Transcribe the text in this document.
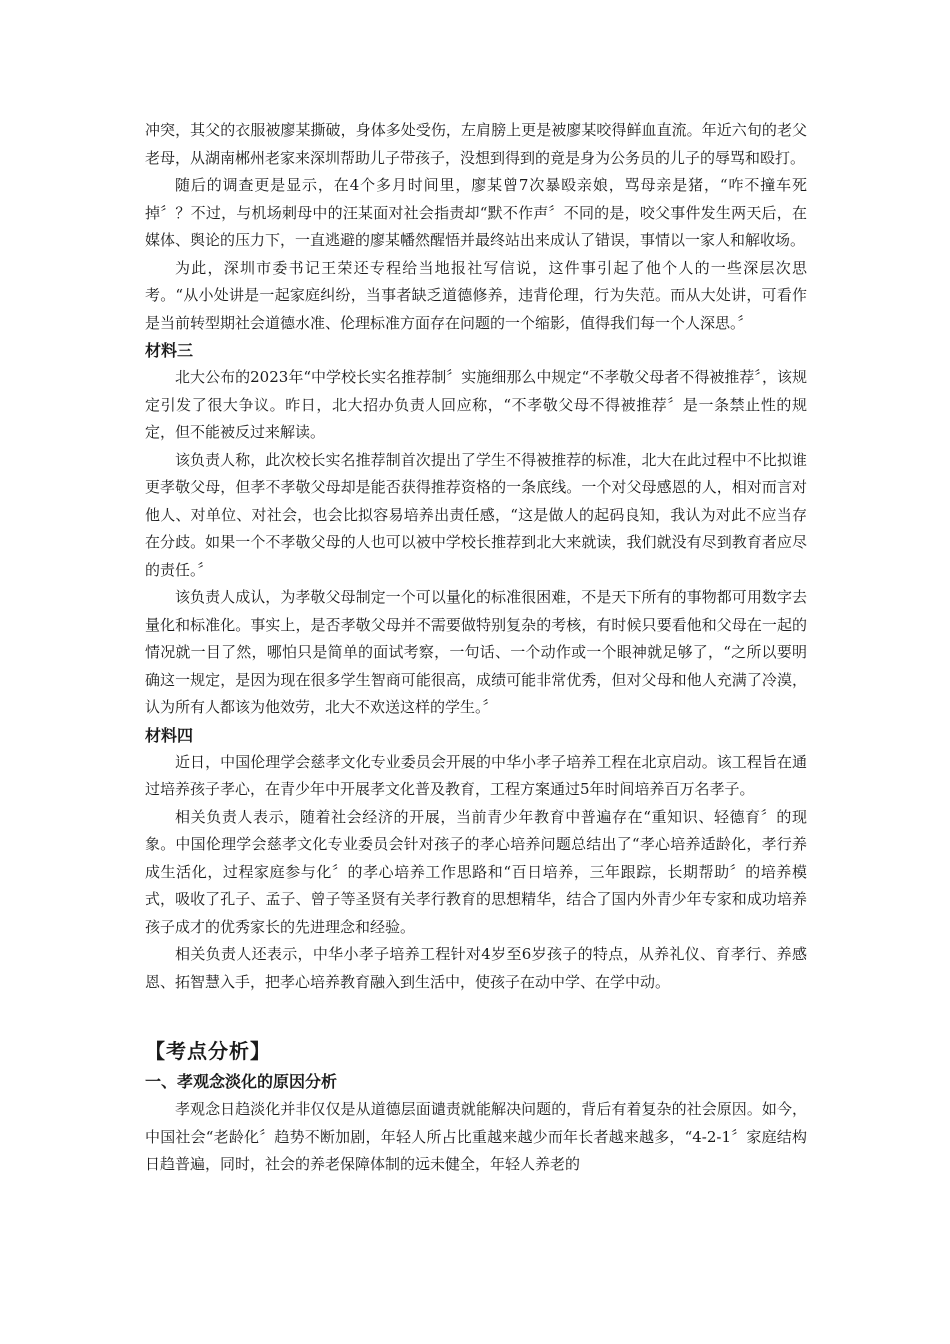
冲突，其父的衣服被廖某撕破，身体多处受伤，左肩膀上更是被廖某咬得鲜血直流。年近六旬的老父老母，从湖南郴州老家来深圳帮助儿子带孩子，没想到得到的竟是身为公务员的儿子的辱骂和殴打。

随后的调查更是显示，在4个多月时间里，廖某曾7次暴殴亲娘，骂母亲是猪，“咋不撞车死掉〞？不过，与机场刺母中的汪某面对社会指责却“默不作声〞不同的是，咬父事件发生两天后，在媒体、舆论的压力下，一直逃避的廖某幡然醒悟并最终站出来成认了错误，事情以一家人和解收场。

为此，深圳市委书记王荣还专程给当地报社写信说，这件事引起了他个人的一些深层次思考。“从小处讲是一起家庭纠纷，当事者缺乏道德修养，违背伦理，行为失范。而从大处讲，可看作是当前转型期社会道德水准、伦理标准方面存在问题的一个缩影，值得我们每一个人深思。〞

材料三

北大公布的2023年“中学校长实名推荐制〞实施细那么中规定“不孝敬父母者不得被推荐〞，该规定引发了很大争议。昨日，北大招办负责人回应称，“不孝敬父母不得被推荐〞是一条禁止性的规定，但不能被反过来解读。

该负责人称，此次校长实名推荐制首次提出了学生不得被推荐的标准，北大在此过程中不比拟谁更孝敬父母，但孝不孝敬父母却是能否获得推荐资格的一条底线。一个对父母感恩的人，相对而言对他人、对单位、对社会，也会比拟容易培养出责任感，“这是做人的起码良知，我认为对此不应当存在分歧。如果一个不孝敬父母的人也可以被中学校长推荐到北大来就读，我们就没有尽到教育者应尽的责任。〞

该负责人成认，为孝敬父母制定一个可以量化的标准很困难，不是天下所有的事物都可用数字去量化和标准化。事实上，是否孝敬父母并不需要做特别复杂的考核，有时候只要看他和父母在一起的情况就一目了然，哪怕只是简单的面试考察，一句话、一个动作或一个眼神就足够了，“之所以要明确这一规定，是因为现在很多学生智商可能很高，成绩可能非常优秀，但对父母和他人充满了冷漠，认为所有人都该为他效劳，北大不欢送这样的学生。〞

材料四

近日，中国伦理学会慈孝文化专业委员会开展的中华小孝子培养工程在北京启动。该工程旨在通过培养孩子孝心，在青少年中开展孝文化普及教育，工程方案通过5年时间培养百万名孝子。

相关负责人表示，随着社会经济的开展，当前青少年教育中普遍存在“重知识、轻德育〞的现象。中国伦理学会慈孝文化专业委员会针对孩子的孝心培养问题总结出了“孝心培养适龄化，孝行养成生活化，过程家庭参与化〞的孝心培养工作思路和“百日培养，三年跟踪，长期帮助〞的培养模式，吸收了孔子、孟子、曾子等圣贤有关孝行教育的思想精华，结合了国内外青少年专家和成功培养孩子成才的优秀家长的先进理念和经验。

相关负责人还表示，中华小孝子培养工程针对4岁至6岁孩子的特点，从养礼仪、育孝行、养感恩、拓智慧入手，把孝心培养教育融入到生活中，使孩子在动中学、在学中动。

【考点分析】
一、孝观念淡化的原因分析

孝观念日趋淡化并非仅仅是从道德层面谴责就能解决问题的，背后有着复杂的社会原因。如今，中国社会“老龄化〞趋势不断加剧，年轻人所占比重越来越少而年长者越来越多，“4-2-1〞家庭结构日趋普遍，同时，社会的养老保障体制的远未健全，年轻人养老的
